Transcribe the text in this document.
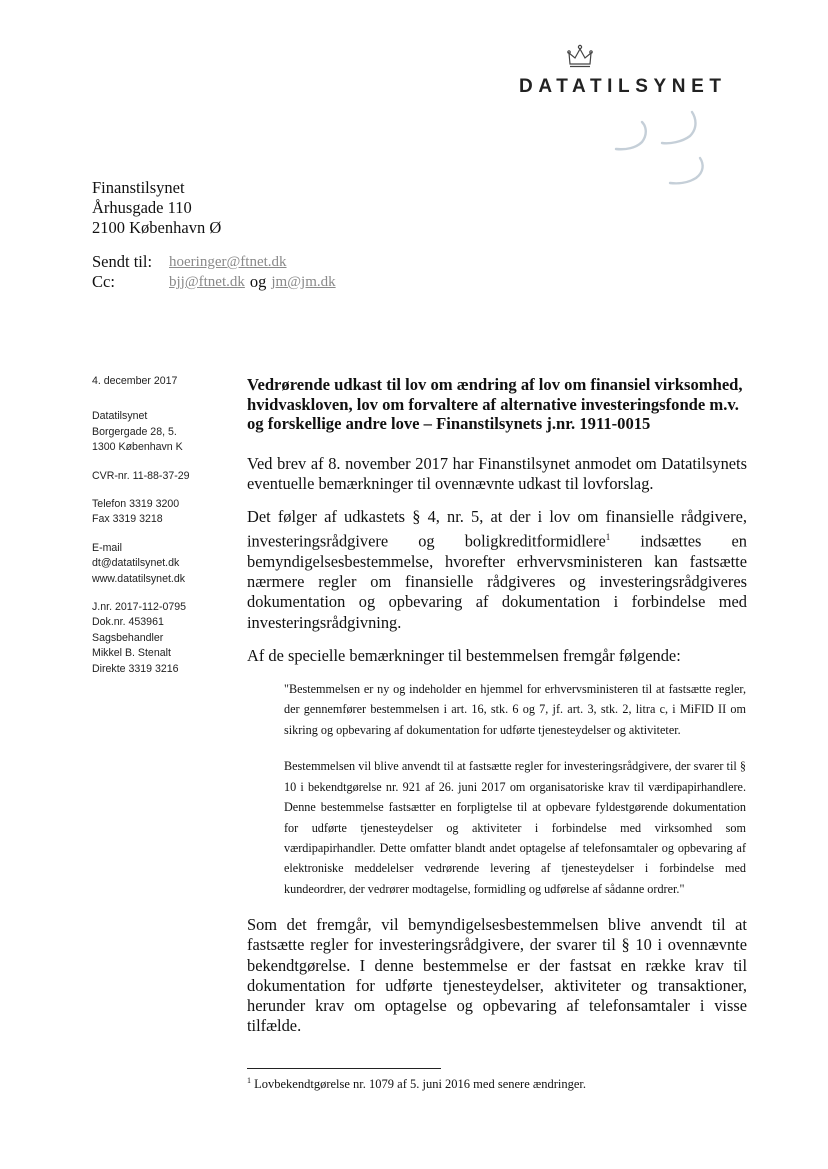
DATATILSYNET
Finanstilsynet
Århusgade 110
2100 København Ø
Sendt til:	hoeringer@ftnet.dk
Cc:	bjj@ftnet.dk og jm@jm.dk
4. december 2017
Datatilsynet
Borgergade 28, 5.
1300 København K
CVR-nr. 11-88-37-29
Telefon 3319 3200
Fax 3319 3218
E-mail
dt@datatilsynet.dk
www.datatilsynet.dk
J.nr. 2017-112-0795
Dok.nr. 453961
Sagsbehandler
Mikkel B. Stenalt
Direkte 3319 3216

Vedrørende udkast til lov om ændring af lov om finansiel virksomhed, hvidvaskloven, lov om forvaltere af alternative investeringsfonde m.v. og forskellige andre love – Finanstilsynets j.nr. 1911-0015

Ved brev af 8. november 2017 har Finanstilsynet anmodet om Datatilsynets eventuelle bemærkninger til ovennævnte udkast til lovforslag.

Det følger af udkastets § 4, nr. 5, at der i lov om finansielle rådgivere, investeringsrådgivere og boligkreditformidlere$^1$ indsættes en bemyndigelsesbestemmelse, hvorefter erhvervsministeren kan fastsætte nærmere regler om finansielle rådgiveres og investeringsrådgiveres dokumentation og opbevaring af dokumentation i forbindelse med investeringsrådgivning.

Af de specielle bemærkninger til bestemmelsen fremgår følgende:

"Bestemmelsen er ny og indeholder en hjemmel for erhvervsministeren til at fastsætte regler, der gennemfører bestemmelsen i art. 16, stk. 6 og 7, jf. art. 3, stk. 2, litra c, i MiFID II om sikring og opbevaring af dokumentation for udførte tjenesteydelser og aktiviteter.

Bestemmelsen vil blive anvendt til at fastsætte regler for investeringsrådgivere, der svarer til § 10 i bekendtgørelse nr. 921 af 26. juni 2017 om organisatoriske krav til værdipapirhandlere. Denne bestemmelse fastsætter en forpligtelse til at opbevare fyldestgørende dokumentation for udførte tjenesteydelser og aktiviteter i forbindelse med virksomhed som værdipapirhandler. Dette omfatter blandt andet optagelse af telefonsamtaler og opbevaring af elektroniske meddelelser vedrørende levering af tjenesteydelser i forbindelse med kundeordrer, der vedrører modtagelse, formidling og udførelse af sådanne ordrer."

Som det fremgår, vil bemyndigelsesbestemmelsen blive anvendt til at fastsætte regler for investeringsrådgivere, der svarer til § 10 i ovennævnte bekendtgørelse. I denne bestemmelse er der fastsat en række krav til dokumentation for udførte tjenesteydelser, aktiviteter og transaktioner, herunder krav om optagelse og opbevaring af telefonsamtaler i visse tilfælde.

$^1$ Lovbekendtgørelse nr. 1079 af 5. juni 2016 med senere ændringer.
